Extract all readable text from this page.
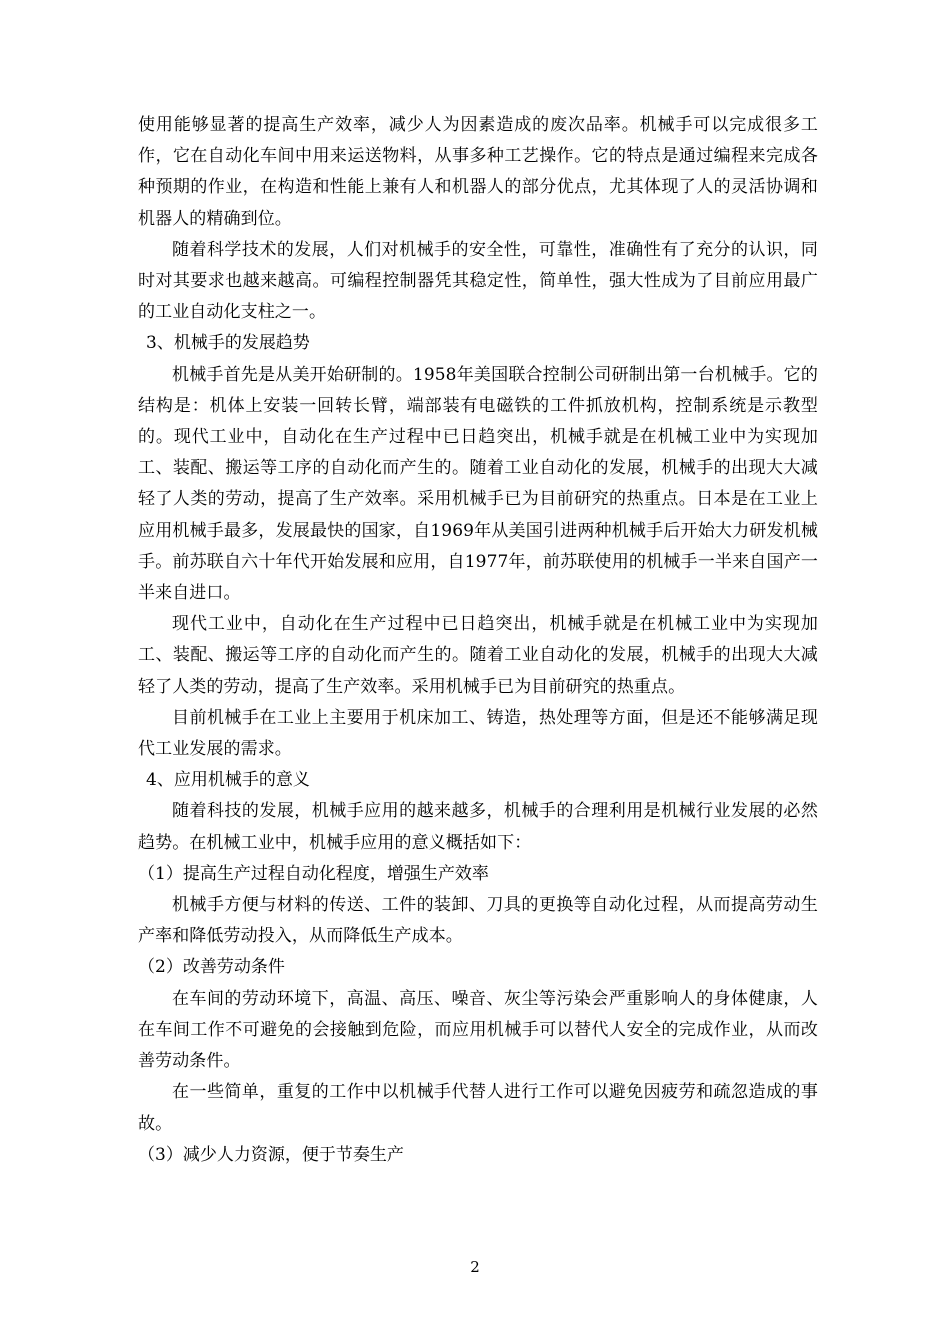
使用能够显著的提高生产效率，减少人为因素造成的废次品率。机械手可以完成很多工作，它在自动化车间中用来运送物料，从事多种工艺操作。它的特点是通过编程来完成各种预期的作业，在构造和性能上兼有人和机器人的部分优点，尤其体现了人的灵活协调和机器人的精确到位。

随着科学技术的发展，人们对机械手的安全性，可靠性，准确性有了充分的认识，同时对其要求也越来越高。可编程控制器凭其稳定性，简单性，强大性成为了目前应用最广的工业自动化支柱之一。

3、机械手的发展趋势

机械手首先是从美开始研制的。1958年美国联合控制公司研制出第一台机械手。它的结构是：机体上安装一回转长臂，端部装有电磁铁的工件抓放机构，控制系统是示教型的。现代工业中，自动化在生产过程中已日趋突出，机械手就是在机械工业中为实现加工、装配、搬运等工序的自动化而产生的。随着工业自动化的发展，机械手的出现大大减轻了人类的劳动，提高了生产效率。采用机械手已为目前研究的热重点。日本是在工业上应用机械手最多，发展最快的国家，自1969年从美国引进两种机械手后开始大力研发机械手。前苏联自六十年代开始发展和应用，自1977年，前苏联使用的机械手一半来自国产一半来自进口。

现代工业中，自动化在生产过程中已日趋突出，机械手就是在机械工业中为实现加工、装配、搬运等工序的自动化而产生的。随着工业自动化的发展，机械手的出现大大减轻了人类的劳动，提高了生产效率。采用机械手已为目前研究的热重点。

目前机械手在工业上主要用于机床加工、铸造，热处理等方面，但是还不能够满足现代工业发展的需求。

4、应用机械手的意义

随着科技的发展，机械手应用的越来越多，机械手的合理利用是机械行业发展的必然趋势。在机械工业中，机械手应用的意义概括如下：

（1）提高生产过程自动化程度，增强生产效率

机械手方便与材料的传送、工件的装卸、刀具的更换等自动化过程，从而提高劳动生产率和降低劳动投入，从而降低生产成本。

（2）改善劳动条件

在车间的劳动环境下，高温、高压、噪音、灰尘等污染会严重影响人的身体健康，人在车间工作不可避免的会接触到危险，而应用机械手可以替代人安全的完成作业，从而改善劳动条件。

在一些简单，重复的工作中以机械手代替人进行工作可以避免因疲劳和疏忽造成的事故。

（3）减少人力资源，便于节奏生产

2
